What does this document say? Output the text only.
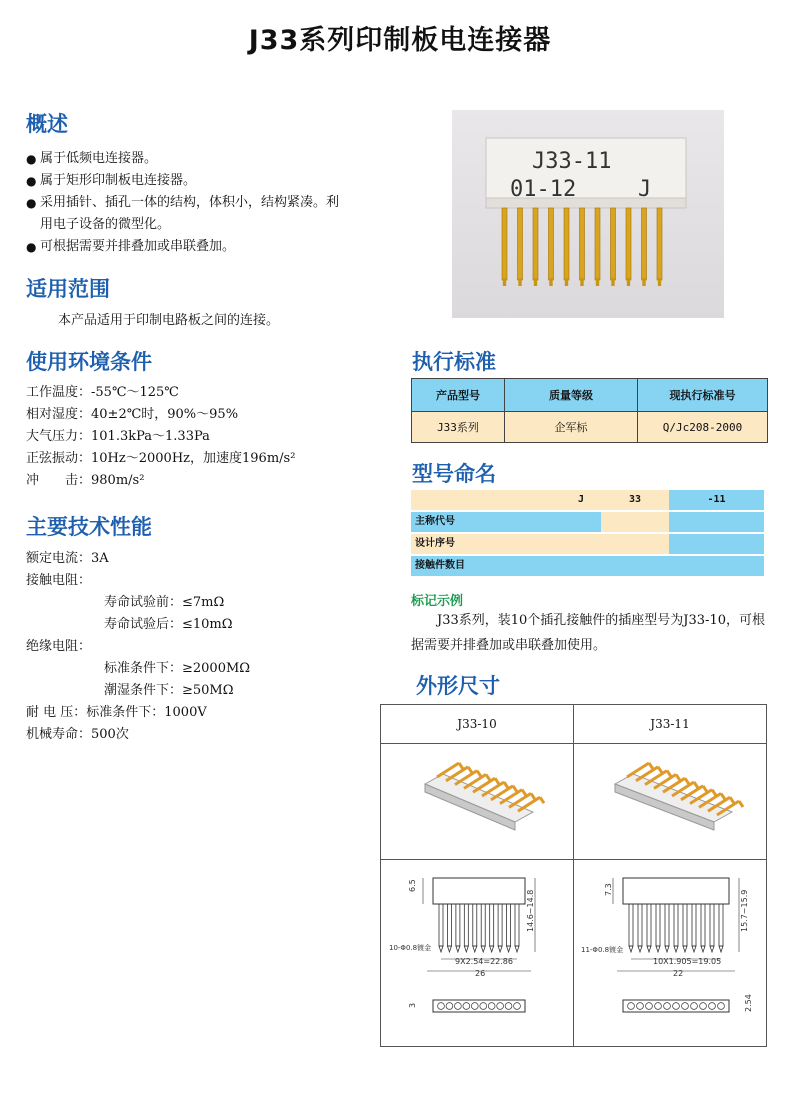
J33系列印制板电连接器
概述
● 属于低频电连接器。
● 属于矩形印制板电连接器。
● 采用插针、插孔一体的结构，体积小，结构紧凑。利用电子设备的微型化。
● 可根据需要并排叠加或串联叠加。
适用范围
本产品适用于印制电路板之间的连接。
使用环境条件
工作温度：-55℃～125℃
相对湿度：40±2℃时，90%～95%
大气压力：101.3kPa～1.33Pa
正弦振动：10Hz～2000Hz，加速度196m/s²
冲　　击：980m/s²
主要技术性能
额定电流：3A
接触电阻：
寿命试验前：≤7mΩ
寿命试验后：≤10mΩ
绝缘电阻：
标准条件下：≥2000MΩ
潮湿条件下：≥50MΩ
耐 电 压：标准条件下：1000V
机械寿命：500次
J33-11
01-12	J
执行标准
产品型号	质量等级	现执行标准号
J33系列	企军标	Q/Jc208-2000
型号命名
J	33	-11
主称代号
设计序号
接触件数目
标记示例
J33系列，装10个插孔接触件的插座型号为J33-10，可根据需要并排叠加或串联叠加使用。
外形尺寸
J33-10	J33-11
6.5
14.6~14.8
10-Φ0.8镀金
9X2.54=22.86
26
3
7.3
15.7~15.9
11-Φ0.8镀金
10X1.905=19.05
22
2.54
